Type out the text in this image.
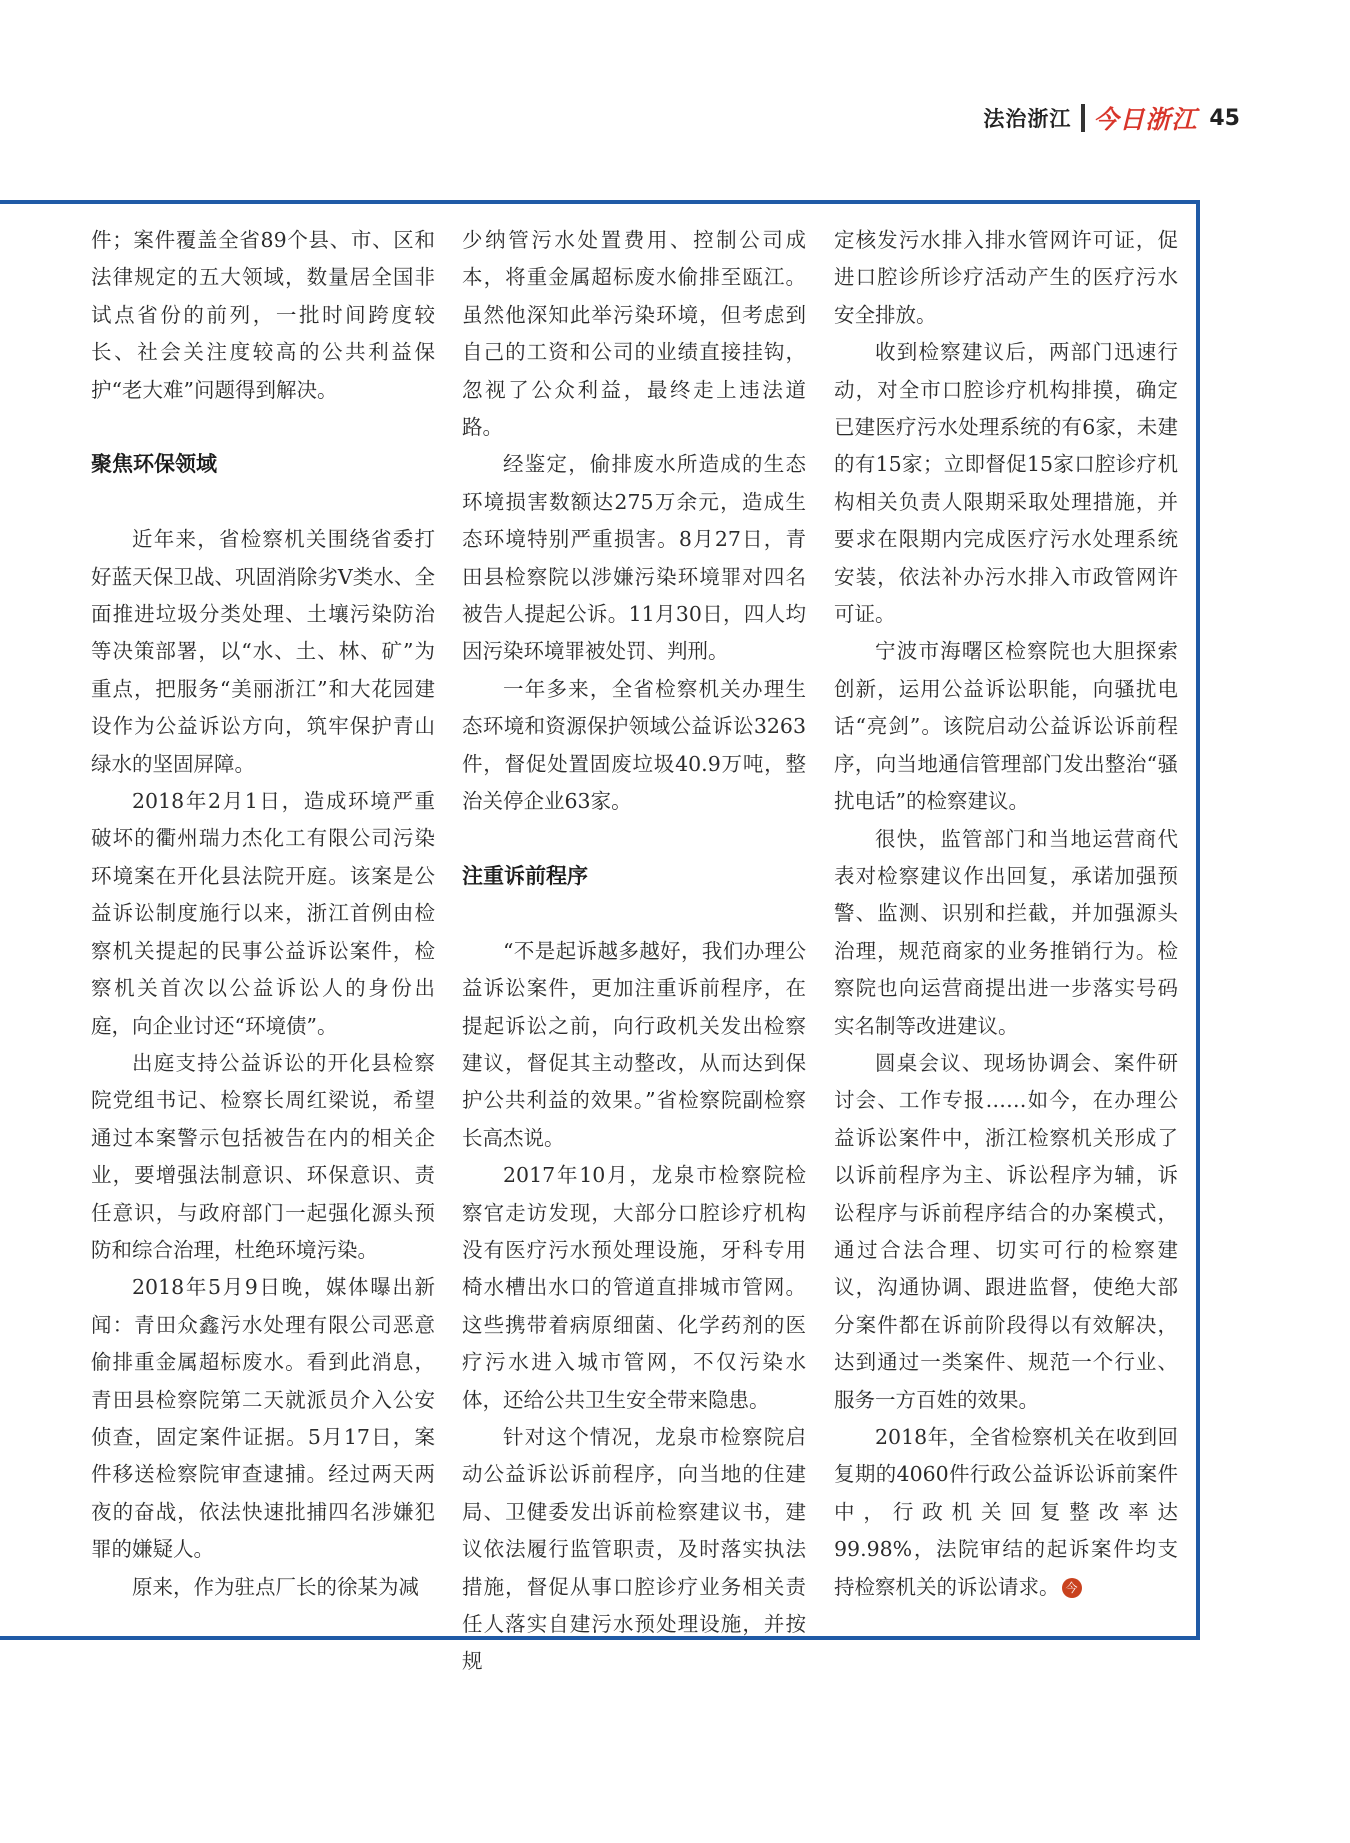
法治浙江 今日浙江 45

件；案件覆盖全省89个县、市、区和法律规定的五大领域，数量居全国非试点省份的前列，一批时间跨度较长、社会关注度较高的公共利益保护“老大难”问题得到解决。

聚焦环保领域

近年来，省检察机关围绕省委打好蓝天保卫战、巩固消除劣Ⅴ类水、全面推进垃圾分类处理、土壤污染防治等决策部署，以“水、土、林、矿”为重点，把服务“美丽浙江”和大花园建设作为公益诉讼方向，筑牢保护青山绿水的坚固屏障。

2018年2月1日，造成环境严重破坏的衢州瑞力杰化工有限公司污染环境案在开化县法院开庭。该案是公益诉讼制度施行以来，浙江首例由检察机关提起的民事公益诉讼案件，检察机关首次以公益诉讼人的身份出庭，向企业讨还“环境债”。

出庭支持公益诉讼的开化县检察院党组书记、检察长周红梁说，希望通过本案警示包括被告在内的相关企业，要增强法制意识、环保意识、责任意识，与政府部门一起强化源头预防和综合治理，杜绝环境污染。

2018年5月9日晚，媒体曝出新闻：青田众鑫污水处理有限公司恶意偷排重金属超标废水。看到此消息，青田县检察院第二天就派员介入公安侦查，固定案件证据。5月17日，案件移送检察院审查逮捕。经过两天两夜的奋战，依法快速批捕四名涉嫌犯罪的嫌疑人。

原来，作为驻点厂长的徐某为减

少纳管污水处置费用、控制公司成本，将重金属超标废水偷排至瓯江。虽然他深知此举污染环境，但考虑到自己的工资和公司的业绩直接挂钩，忽视了公众利益，最终走上违法道路。

经鉴定，偷排废水所造成的生态环境损害数额达275万余元，造成生态环境特别严重损害。8月27日，青田县检察院以涉嫌污染环境罪对四名被告人提起公诉。11月30日，四人均因污染环境罪被处罚、判刑。

一年多来，全省检察机关办理生态环境和资源保护领域公益诉讼3263件，督促处置固废垃圾40.9万吨，整治关停企业63家。

注重诉前程序

“不是起诉越多越好，我们办理公益诉讼案件，更加注重诉前程序，在提起诉讼之前，向行政机关发出检察建议，督促其主动整改，从而达到保护公共利益的效果。”省检察院副检察长高杰说。

2017年10月，龙泉市检察院检察官走访发现，大部分口腔诊疗机构没有医疗污水预处理设施，牙科专用椅水槽出水口的管道直排城市管网。这些携带着病原细菌、化学药剂的医疗污水进入城市管网，不仅污染水体，还给公共卫生安全带来隐患。

针对这个情况，龙泉市检察院启动公益诉讼诉前程序，向当地的住建局、卫健委发出诉前检察建议书，建议依法履行监管职责，及时落实执法措施，督促从事口腔诊疗业务相关责任人落实自建污水预处理设施，并按规

定核发污水排入排水管网许可证，促进口腔诊所诊疗活动产生的医疗污水安全排放。

收到检察建议后，两部门迅速行动，对全市口腔诊疗机构排摸，确定已建医疗污水处理系统的有6家，未建的有15家；立即督促15家口腔诊疗机构相关负责人限期采取处理措施，并要求在限期内完成医疗污水处理系统安装，依法补办污水排入市政管网许可证。

宁波市海曙区检察院也大胆探索创新，运用公益诉讼职能，向骚扰电话“亮剑”。该院启动公益诉讼诉前程序，向当地通信管理部门发出整治“骚扰电话”的检察建议。

很快，监管部门和当地运营商代表对检察建议作出回复，承诺加强预警、监测、识别和拦截，并加强源头治理，规范商家的业务推销行为。检察院也向运营商提出进一步落实号码实名制等改进建议。

圆桌会议、现场协调会、案件研讨会、工作专报……如今，在办理公益诉讼案件中，浙江检察机关形成了以诉前程序为主、诉讼程序为辅，诉讼程序与诉前程序结合的办案模式，通过合法合理、切实可行的检察建议，沟通协调、跟进监督，使绝大部分案件都在诉前阶段得以有效解决，达到通过一类案件、规范一个行业、服务一方百姓的效果。

2018年，全省检察机关在收到回复期的4060件行政公益诉讼诉前案件中，行政机关回复整改率达99.98%，法院审结的起诉案件均支持检察机关的诉讼请求。 今
